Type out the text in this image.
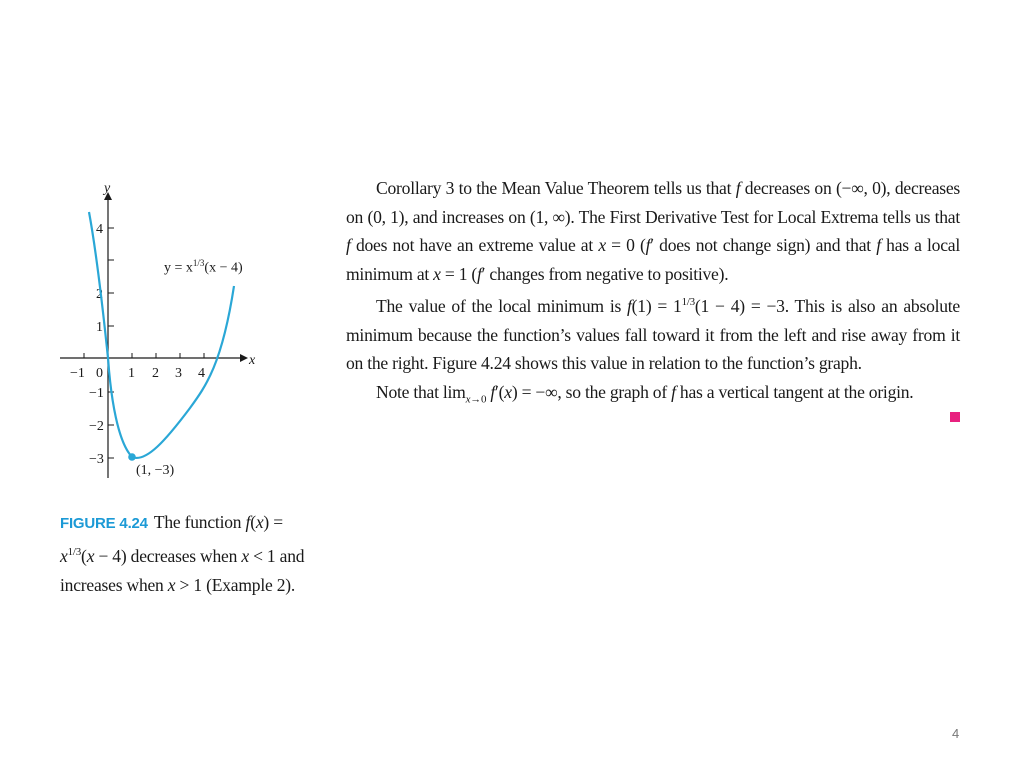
x
y
−1 0 1 2 3 4
4
2
1
−1
−2
−3
(1, −3)
$y = x^{1/3}(x - 4)$
FIGURE 4.24 The function $f(x) = x^{1/3}(x - 4)$ decreases when x < 1 and increases when x > 1 (Example 2).

Corollary 3 to the Mean Value Theorem tells us that f decreases on (−∞, 0), decreases on (0, 1), and increases on (1, ∞). The First Derivative Test for Local Extrema tells us that f does not have an extreme value at x = 0 (f′ does not change sign) and that f has a local minimum at x = 1 (f′ changes from negative to positive).

The value of the local minimum is $f(1) = 1^{1/3}(1 - 4) = -3$. This is also an absolute minimum because the function’s values fall toward it from the left and rise away from it on the right. Figure 4.24 shows this value in relation to the function’s graph.

Note that $\lim_{x\to 0} f'(x)$ = −∞, so the graph of f has a vertical tangent at the origin.

4
